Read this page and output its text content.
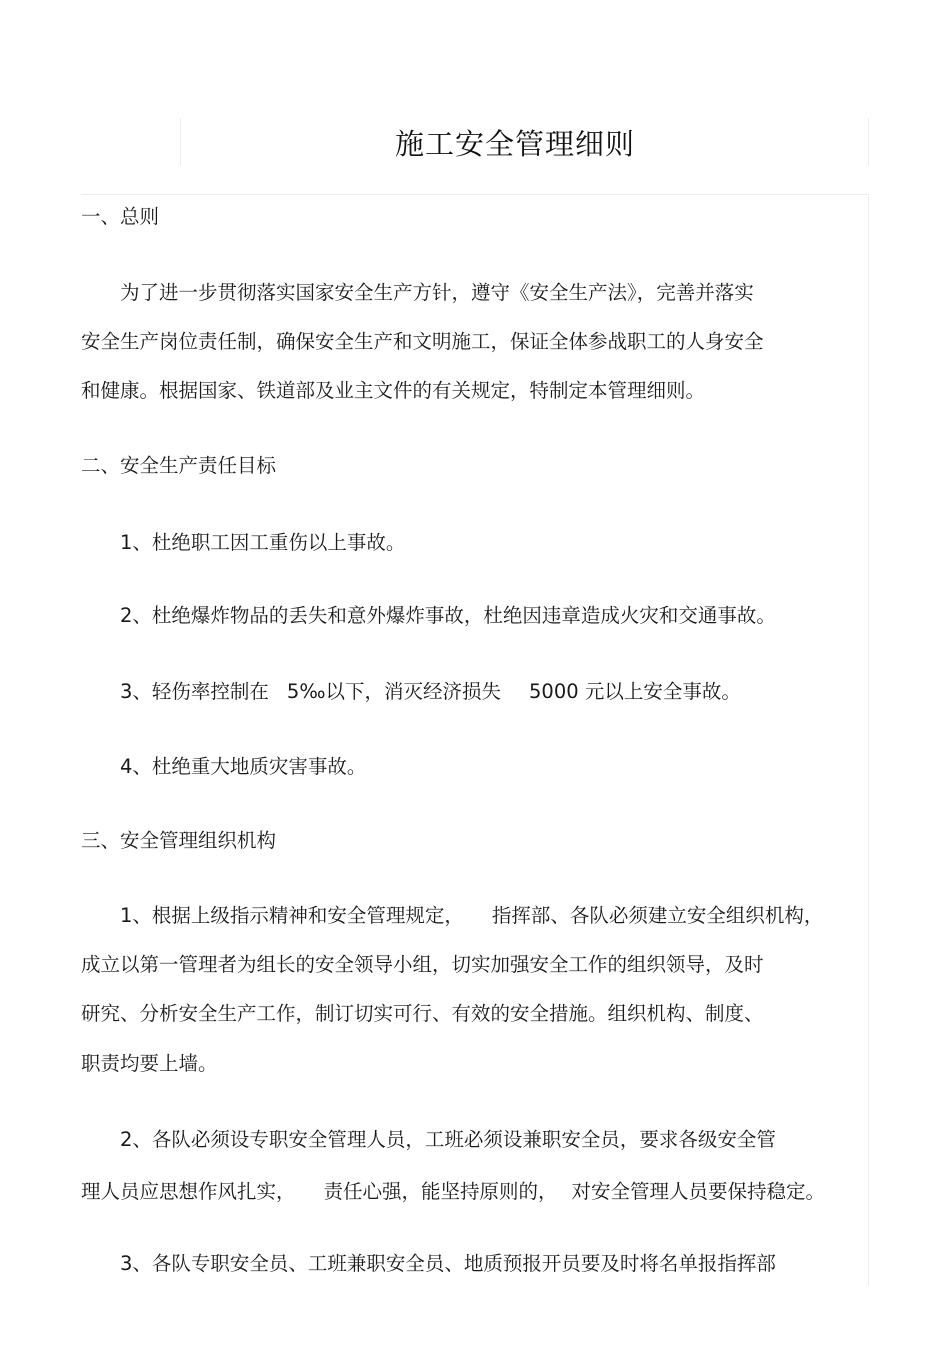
施工安全管理细则
一、总则
为了进一步贯彻落实国家安全生产方针，遵守《安全生产法》，完善并落实
安全生产岗位责任制，确保安全生产和文明施工，保证全体参战职工的人身安全
和健康。根据国家、铁道部及业主文件的有关规定，特制定本管理细则。
二、安全生产责任目标
1、杜绝职工因工重伤以上事故。
2、杜绝爆炸物品的丢失和意外爆炸事故，杜绝因违章造成火灾和交通事故。
3、轻伤率控制在 5‰以下，消灭经济损失 5000 元以上安全事故。
4、杜绝重大地质灾害事故。
三、安全管理组织机构
1、根据上级指示精神和安全管理规定， 指挥部、各队必须建立安全组织机构，
成立以第一管理者为组长的安全领导小组，切实加强安全工作的组织领导，及时
研究、分析安全生产工作，制订切实可行、有效的安全措施。组织机构、制度、
职责均要上墙。
2、各队必须设专职安全管理人员，工班必须设兼职安全员，要求各级安全管
理人员应思想作风扎实， 责任心强，能坚持原则的， 对安全管理人员要保持稳定。
3、各队专职安全员、工班兼职安全员、地质预报开员要及时将名单报指挥部
